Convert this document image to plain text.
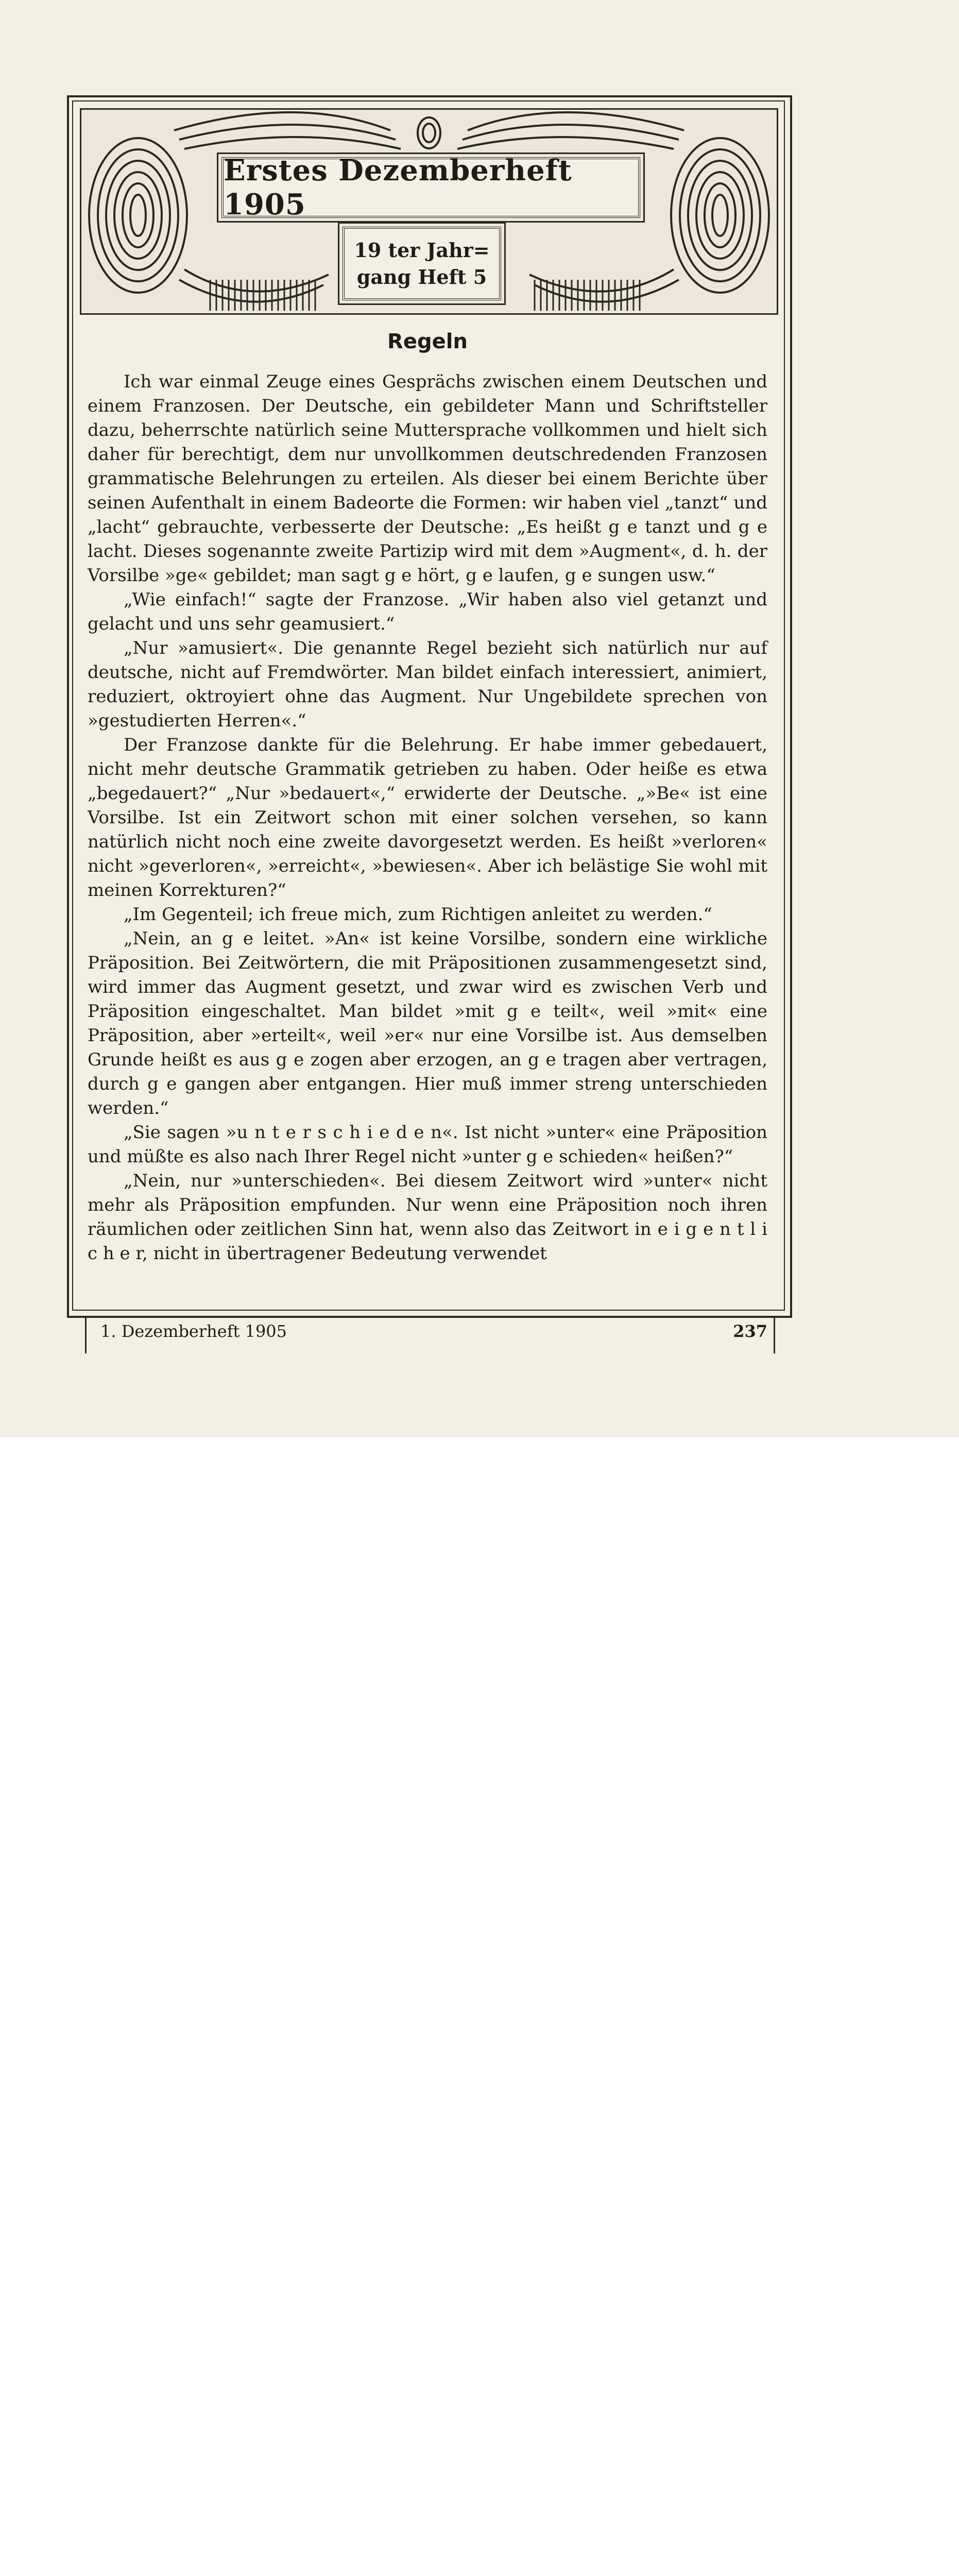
Erstes Dezemberheft 1905
19 ter Jahr=
gang Heft 5
Regeln

Ich war einmal Zeuge eines Gesprächs zwischen einem Deutschen und einem Franzosen. Der Deutsche, ein gebildeter Mann und Schriftsteller dazu, beherrschte natürlich seine Muttersprache vollkommen und hielt sich daher für berechtigt, dem nur unvollkommen deutschredenden Franzosen grammatische Belehrungen zu erteilen. Als dieser bei einem Berichte über seinen Aufenthalt in einem Badeorte die Formen: wir haben viel „tanzt“ und „lacht“ gebrauchte, verbesserte der Deutsche: „Es heißt g e tanzt und g e lacht. Dieses sogenannte zweite Partizip wird mit dem »Augment«, d. h. der Vorsilbe »ge« gebildet; man sagt g e hört, g e laufen, g e sungen usw.“

„Wie einfach!“ sagte der Franzose. „Wir haben also viel getanzt und gelacht und uns sehr geamusiert.“

„Nur »amusiert«. Die genannte Regel bezieht sich natürlich nur auf deutsche, nicht auf Fremdwörter. Man bildet einfach interessiert, animiert, reduziert, oktroyiert ohne das Augment. Nur Ungebildete sprechen von »gestudierten Herren«.“

Der Franzose dankte für die Belehrung. Er habe immer gebedauert, nicht mehr deutsche Grammatik getrieben zu haben. Oder heiße es etwa „begedauert?“ „Nur »bedauert«,“ erwiderte der Deutsche. „»Be« ist eine Vorsilbe. Ist ein Zeitwort schon mit einer solchen versehen, so kann natürlich nicht noch eine zweite davorgesetzt werden. Es heißt »verloren« nicht »geverloren«, »erreicht«, »bewiesen«. Aber ich belästige Sie wohl mit meinen Korrekturen?“

„Im Gegenteil; ich freue mich, zum Richtigen anleitet zu werden.“

„Nein, an g e leitet. »An« ist keine Vorsilbe, sondern eine wirkliche Präposition. Bei Zeitwörtern, die mit Präpositionen zusammengesetzt sind, wird immer das Augment gesetzt, und zwar wird es zwischen Verb und Präposition eingeschaltet. Man bildet »mit g e teilt«, weil »mit« eine Präposition, aber »erteilt«, weil »er« nur eine Vorsilbe ist. Aus demselben Grunde heißt es aus g e zogen aber erzogen, an g e tragen aber vertragen, durch g e gangen aber entgangen. Hier muß immer streng unterschieden werden.“

„Sie sagen »u n t e r s c h i e d e n«. Ist nicht »unter« eine Präposition und müßte es also nach Ihrer Regel nicht »unter g e schieden« heißen?“

„Nein, nur »unterschieden«. Bei diesem Zeitwort wird »unter« nicht mehr als Präposition empfunden. Nur wenn eine Präposition noch ihren räumlichen oder zeitlichen Sinn hat, wenn also das Zeitwort in e i g e n t l i c h e r, nicht in übertragener Bedeutung verwendet

1. Dezemberheft 1905	237
